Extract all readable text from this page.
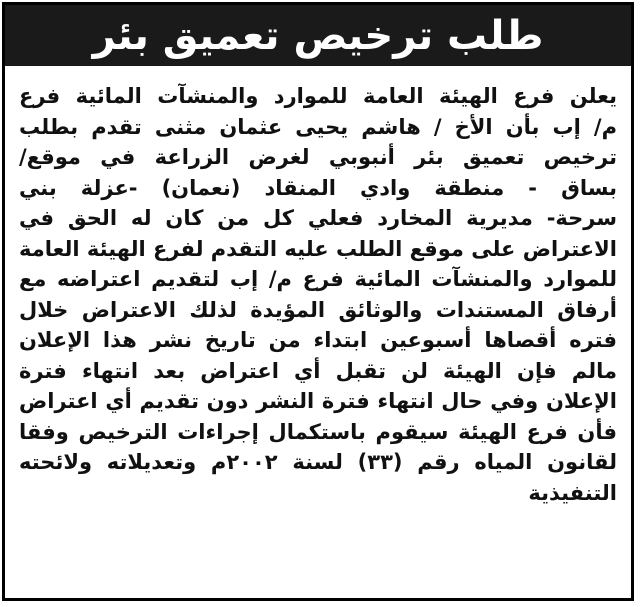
طلب ترخيص تعميق بئر
يعلن فرع الهيئة العامة للموارد والمنشآت المائية فرع
م/ إب بأن الأخ / هاشم يحيى عثمان مثنى تقدم بطلب
ترخيص تعميق بئر أنبوبي لغرض الزراعة في موقع/
بساق - منطقة وادي المنقاد (نعمان) -عزلة بني
سرحة- مديرية المخارد فعلي كل من كان له الحق في
الاعتراض على موقع الطلب عليه التقدم لفرع الهيئة العامة
للموارد والمنشآت المائية فرع م/ إب لتقديم اعتراضه مع
أرفاق المستندات والوثائق المؤيدة لذلك الاعتراض خلال
فتره أقصاها أسبوعين ابتداء من تاريخ نشر هذا الإعلان
مالم فإن الهيئة لن تقبل أي اعتراض بعد انتهاء فترة
الإعلان وفي حال انتهاء فترة النشر دون تقديم أي اعتراض
فأن فرع الهيئة سيقوم باستكمال إجراءات الترخيص وفقا
لقانون المياه رقم (٣٣) لسنة ٢٠٠٢م وتعديلاته ولائحته
التنفيذية
